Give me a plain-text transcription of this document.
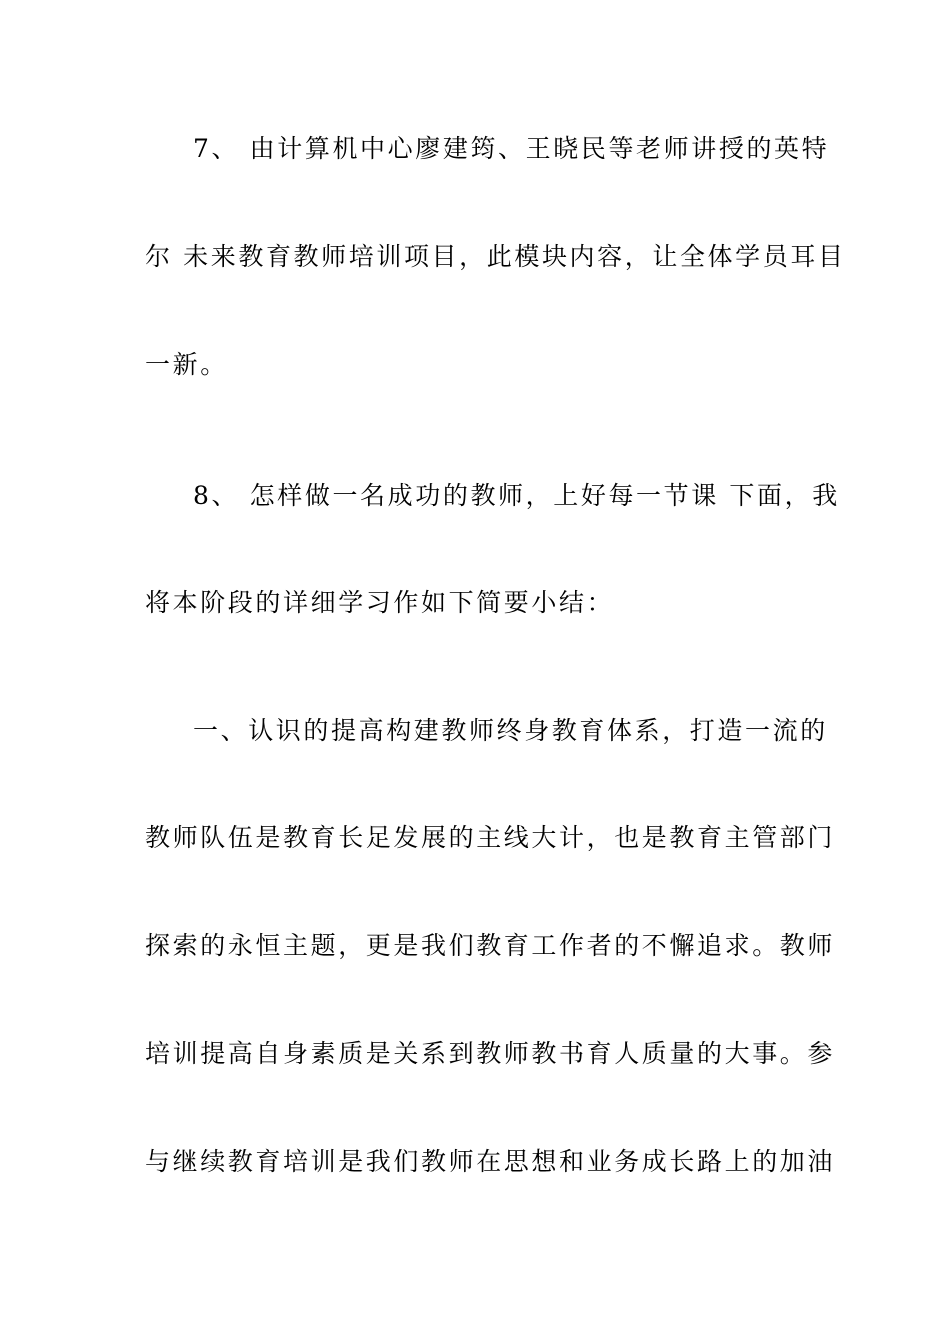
7、 由计算机中心廖建筠、王晓民等老师讲授的英特
尔 未来教育教师培训项目，此模块内容，让全体学员耳目
一新。
8、 怎样做一名成功的教师，上好每一节课 下面，我
将本阶段的详细学习作如下简要小结：
一、认识的提高构建教师终身教育体系，打造一流的
教师队伍是教育长足发展的主线大计，也是教育主管部门
探索的永恒主题，更是我们教育工作者的不懈追求。教师
培训提高自身素质是关系到教师教书育人质量的大事。参
与继续教育培训是我们教师在思想和业务成长路上的加油
